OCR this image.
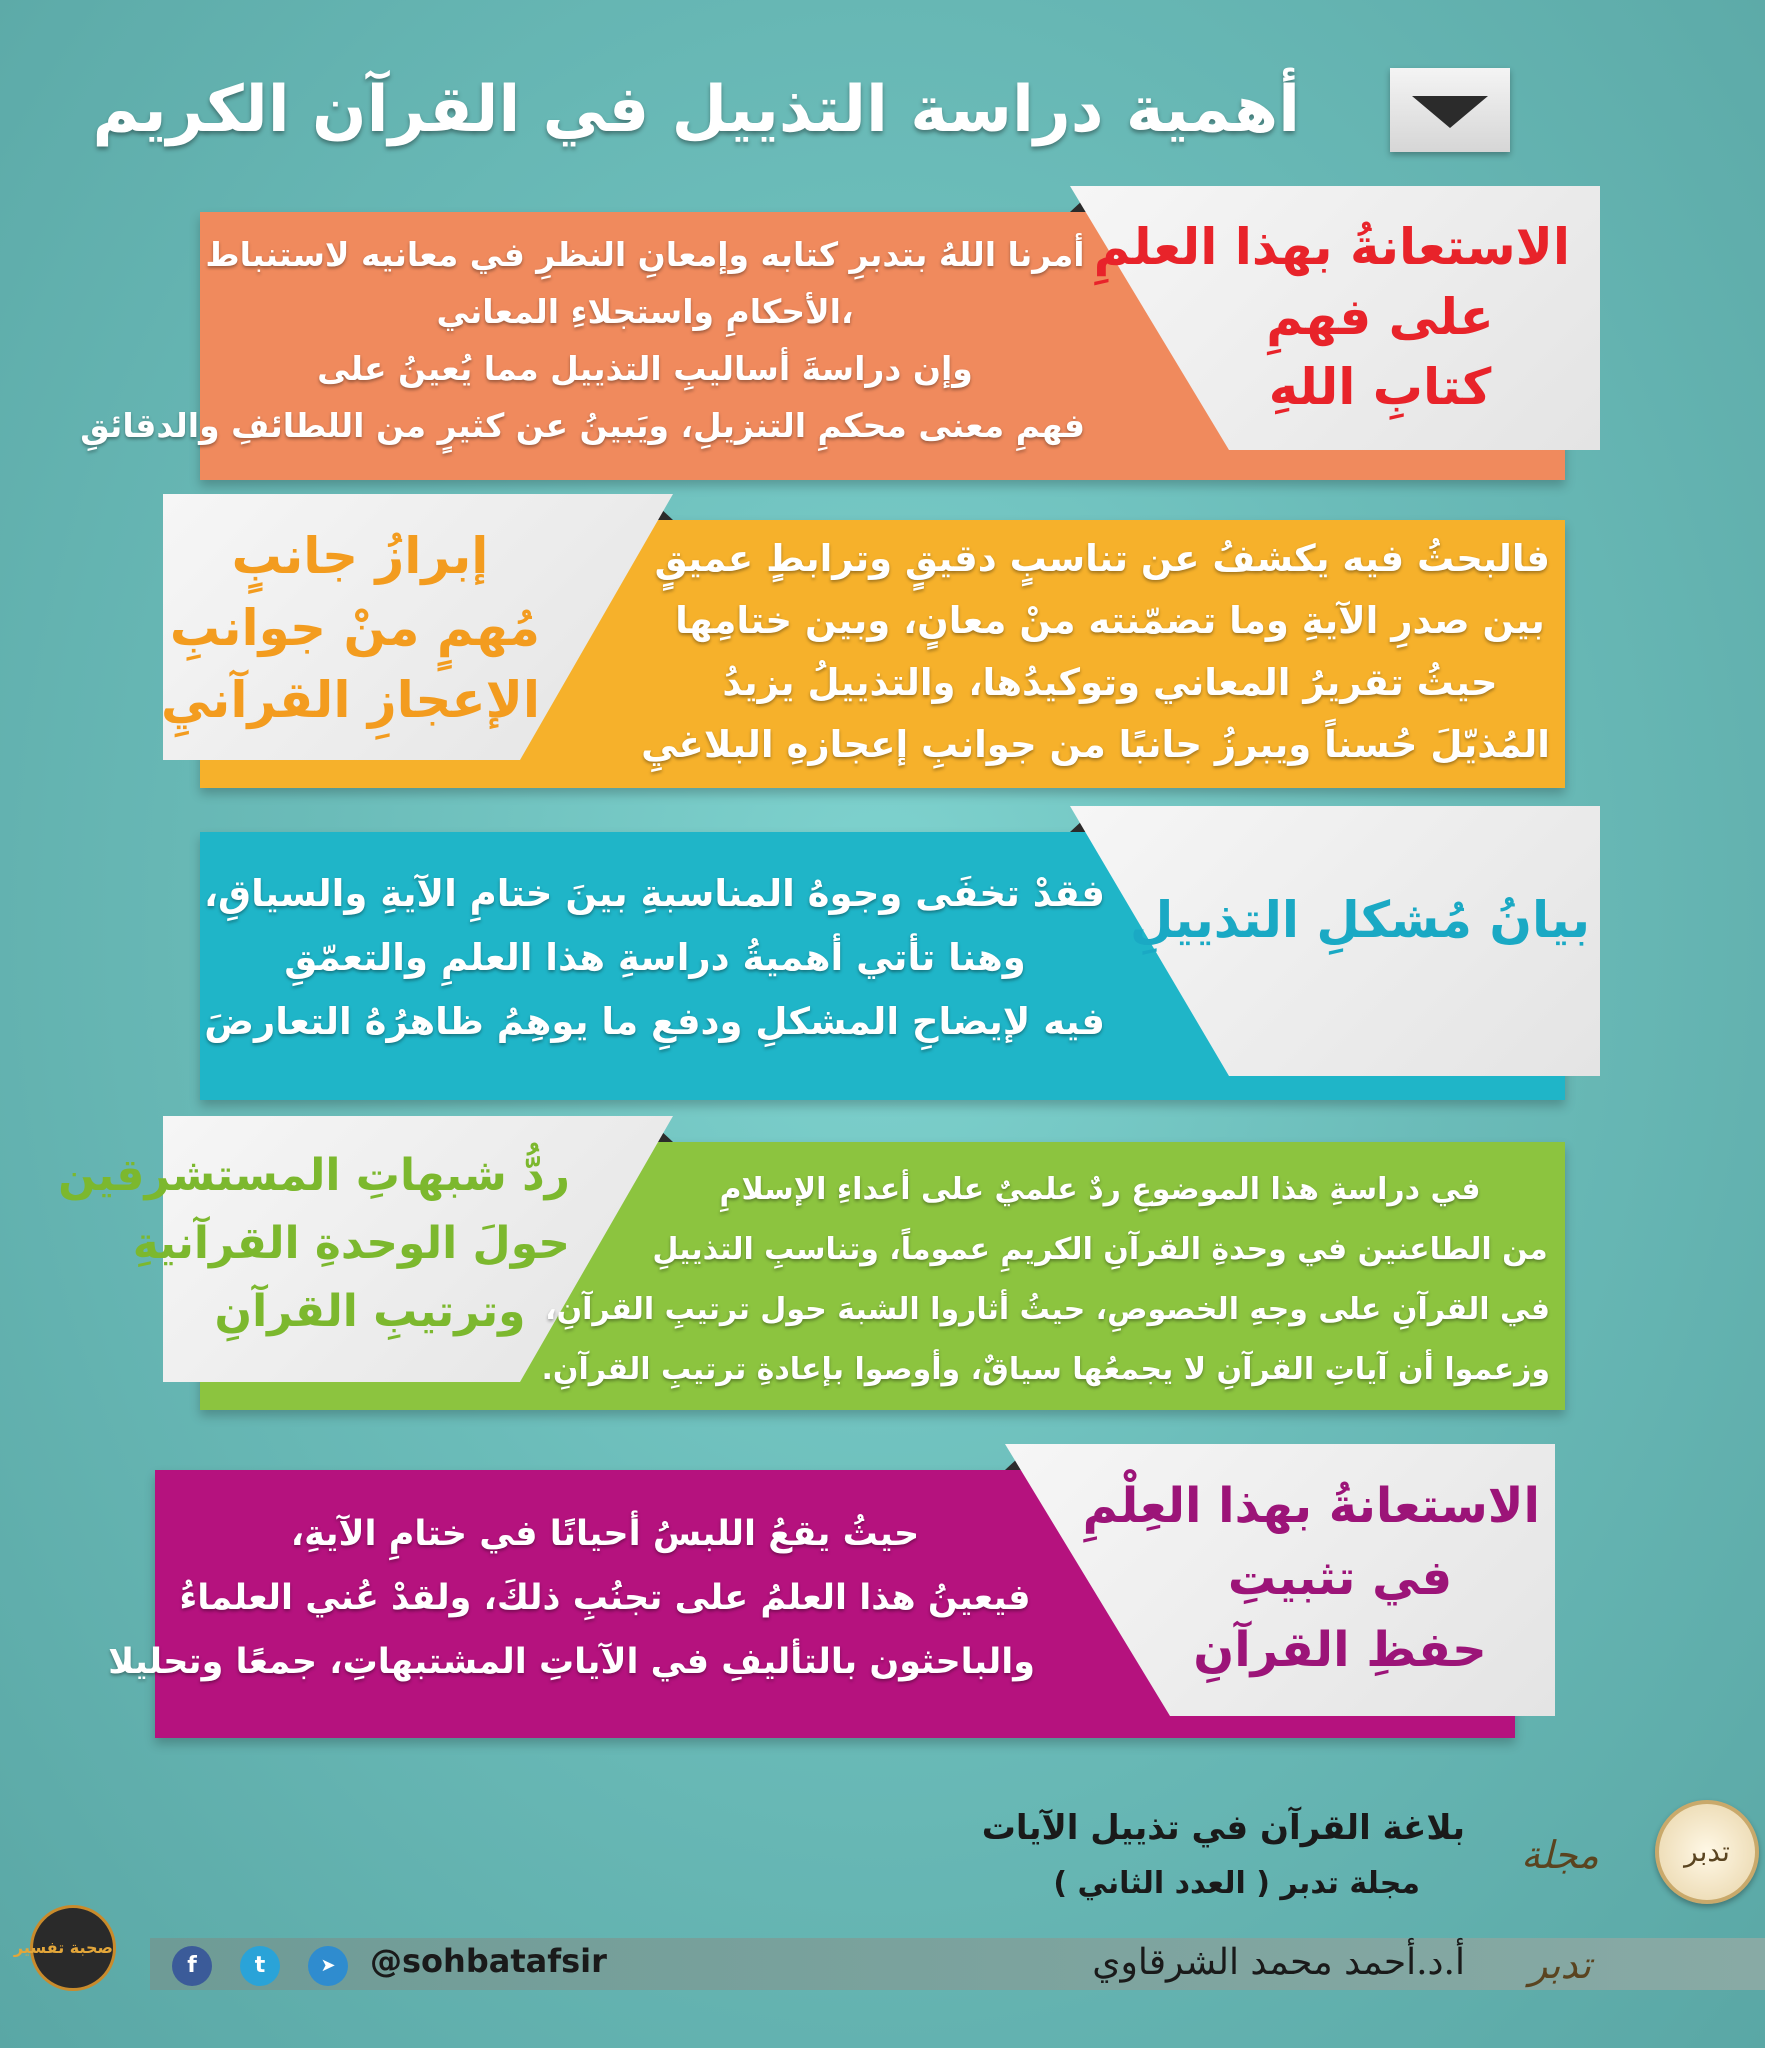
أهمية دراسة التذييل في القرآن الكريم
الاستعانةُ بهذا العلمِ
على فهمِ
كتابِ اللهِ
أمرنا اللهُ بتدبرِ كتابه وإمعانِ النظرِ في معانيه لاستنباط
،الأحكامِ واستجلاءِ المعاني
وإن دراسةَ أساليبِ التذييل مما يُعينُ على
فهمِ معنى محكمِ التنزيلِ، ويَبينُ عن كثيرٍ من اللطائفِ والدقائقِ
إبرازُ جانبٍ
مُهمٍ منْ جوانبِ
الإعجازِ القرآنيِ
فالبحثُ فيه يكشفُ عن تناسبٍ دقيقٍ وترابطٍ عميقٍ
بين صدرِ الآيةِ وما تضمّنته منْ معانٍ، وبين ختامِها
حيثُ تقريرُ المعاني وتوكيدُها، والتذييلُ يزيدُ
المُذيّلَ حُسناً ويبرزُ جانبًا من جوانبِ إعجازهِ البلاغيِ
بيانُ مُشكلِ التذييلِ
فقدْ تخفَى وجوهُ المناسبةِ بينَ ختامِ الآيةِ والسياقِ،
وهنا تأتي أهميةُ دراسةِ هذا العلمِ والتعمّقِ
فيه لإيضاحِ المشكلِ ودفعِ ما يوهِمُ ظاهرُهُ التعارضَ
ردُّ شبهاتِ المستشرقين
حولَ الوحدةِ القرآنيةِ
وترتيبِ القرآنِ
في دراسةِ هذا الموضوعِ ردٌ علميٌ على أعداءِ الإسلامِ
من الطاعنين في وحدةِ القرآنِ الكريمِ عموماً، وتناسبِ التذييلِ
في القرآنِ على وجهِ الخصوصِ، حيثُ أثاروا الشبهَ حول ترتيبِ القرآنِ،
وزعموا أن آياتِ القرآنِ لا يجمعُها سياقٌ، وأوصوا بإعادةِ ترتيبِ القرآنِ.
الاستعانةُ بهذا العِلْمِ
في تثبيتِ
حفظِ القرآنِ
حيثُ يقعُ اللبسُ أحيانًا في ختامِ الآيةِ،
فيعينُ هذا العلمُ على تجنُبِ ذلكَ، ولقدْ عُني العلماءُ
والباحثون بالتأليفِ في الآياتِ المشتبهاتِ، جمعًا وتحليلا
بلاغة القرآن في تذييل الآيات
مجلة تدبر ( العدد الثاني )
أ.د.أحمد محمد الشرقاوي
مجلة تدبر
تدبر
صحبة تفسير
f	t	➤	@sohbatafsir
